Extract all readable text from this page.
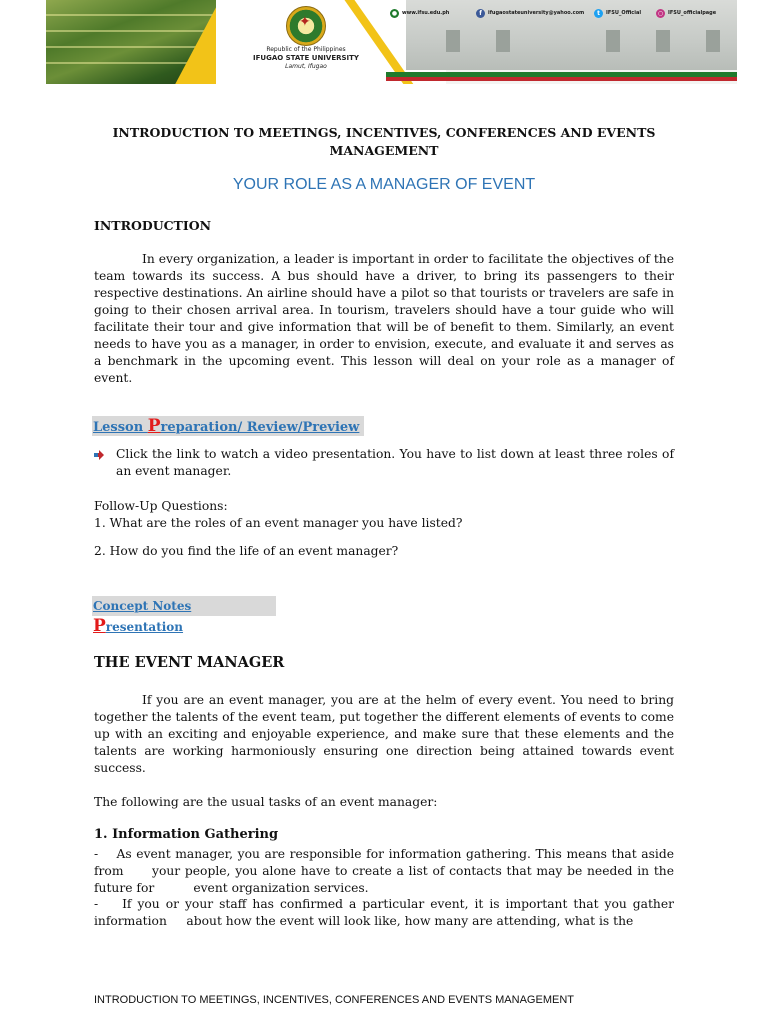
✦
Republic of the Philippines
IFUGAO STATE UNIVERSITY
Lamut, Ifugao
● www.ifsu.edu.ph	f	ifugaostateuniversity@yahoo.com	t	IFSU_Official	○ IFSU_officialpage
INTRODUCTION TO MEETINGS, INCENTIVES, CONFERENCES AND EVENTS MANAGEMENT
YOUR ROLE AS A MANAGER OF EVENT
INTRODUCTION
In every organization, a leader is important in order to facilitate the objectives of the team towards its success. A bus should have a driver, to bring its passengers to their respective destinations. An airline should have a pilot so that tourists or travelers are safe in going to their chosen arrival area. In tourism, travelers should have a tour guide who will facilitate their tour and give information that will be of benefit to them. Similarly, an event needs to have you as a manager, in order to envision, execute, and evaluate it and serves as a benchmark in the upcoming event. This lesson will deal on your role as a manager of event.
Lesson Preparation/ Review/Preview
Click the link to watch a video presentation. You have to list down at least three roles of an event manager.
Follow-Up Questions:
1. What are the roles of an event manager you have listed?
2. How do you find the life of an event manager?
Concept Notes Presentation
THE EVENT MANAGER
If you are an event manager, you are at the helm of every event. You need to bring together the talents of the event team, put together the different elements of events to come up with an exciting and enjoyable experience, and make sure that these elements and the talents are working harmoniously ensuring one direction being attained towards event success.
The following are the usual tasks of an event manager:
1. Information Gathering
-    As event manager, you are responsible for information gathering. This means that aside from      your people, you alone have to create a list of contacts that may be needed in the future for          event organization services.
-    If you or your staff has confirmed a particular event, it is important that you gather information     about how the event will look like, how many are attending, what is the
INTRODUCTION TO MEETINGS, INCENTIVES, CONFERENCES AND EVENTS MANAGEMENT
